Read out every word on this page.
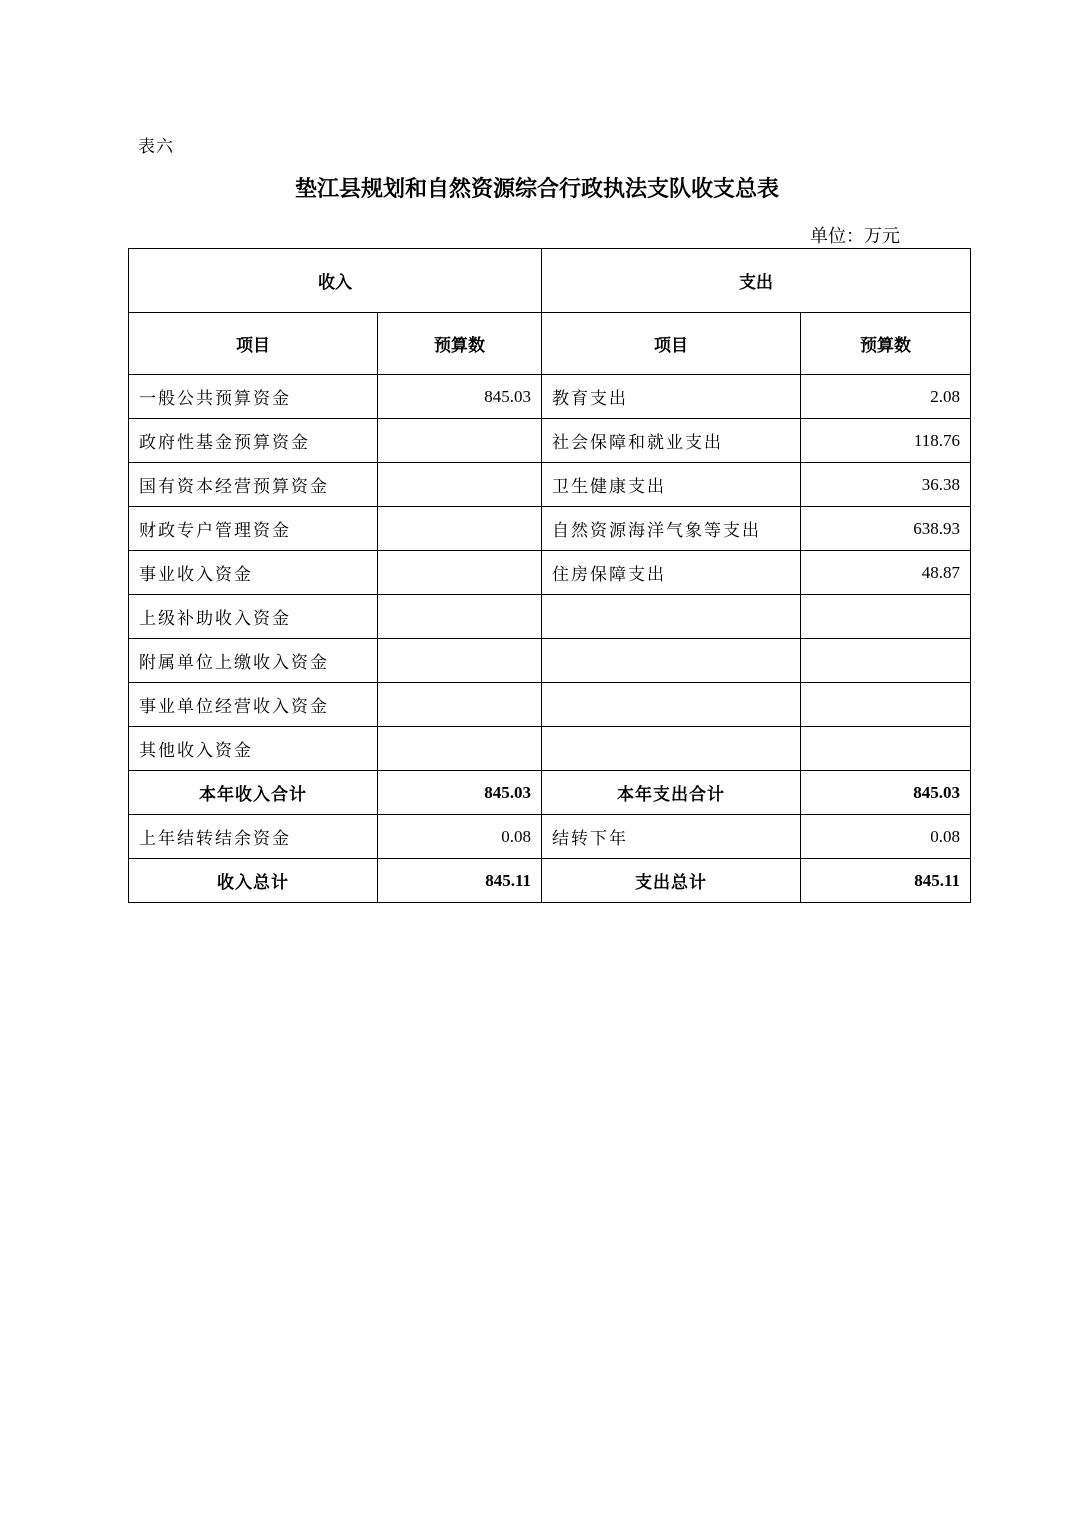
表六
垫江县规划和自然资源综合行政执法支队收支总表
单位：万元
收入		支出	
项目	预算数	项目	预算数
一般公共预算资金	845.03	教育支出	2.08
政府性基金预算资金		社会保障和就业支出	118.76
国有资本经营预算资金		卫生健康支出	36.38
财政专户管理资金		自然资源海洋气象等支出	638.93
事业收入资金		住房保障支出	48.87
上级补助收入资金			
附属单位上缴收入资金			
事业单位经营收入资金			
其他收入资金			
本年收入合计	845.03	本年支出合计	845.03
上年结转结余资金	0.08	结转下年	0.08
收入总计	845.11	支出总计	845.11
